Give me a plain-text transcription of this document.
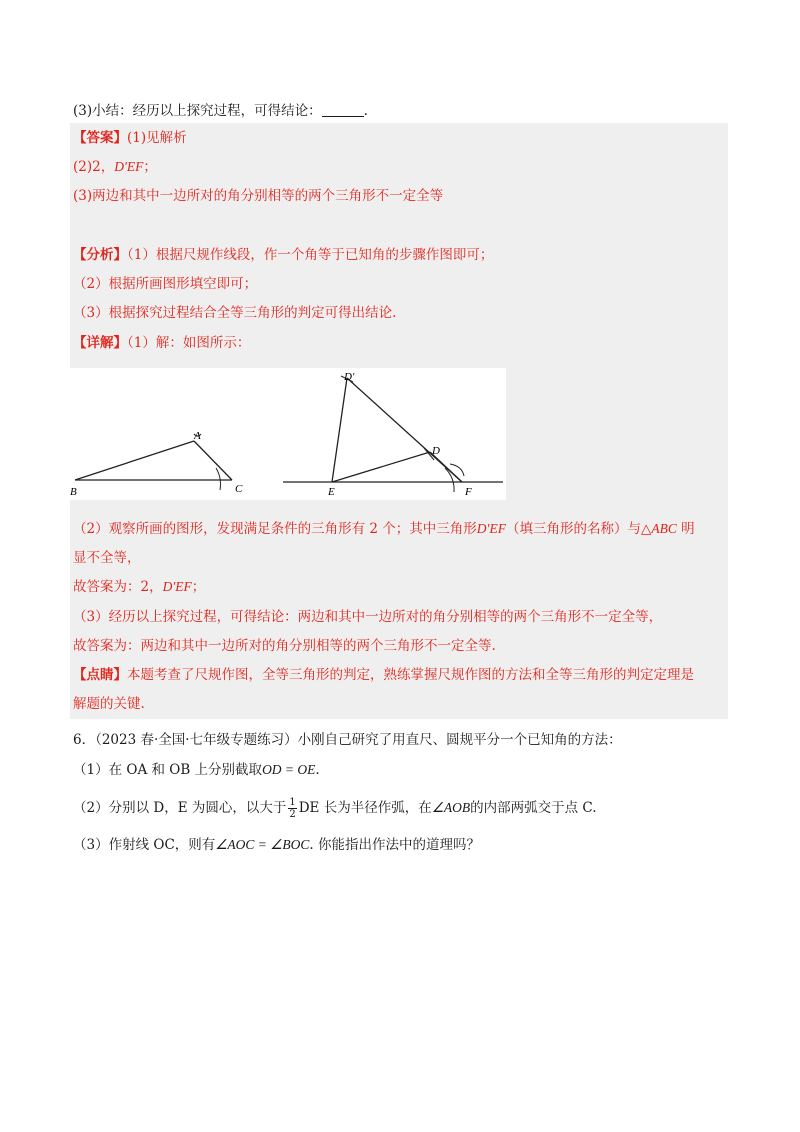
(3)小结：经历以上探究过程，可得结论：	.
【答案】(1)见解析
(2)2，D′EF；
(3)两边和其中一边所对的角分别相等的两个三角形不一定全等
【分析】（1）根据尺规作线段，作一个角等于已知角的步骤作图即可；
（2）根据所画图形填空即可；
（3）根据探究过程结合全等三角形的判定可得出结论.
【详解】（1）解：如图所示：
B
A
C	E
D′
D
F
（2）观察所画的图形，发现满足条件的三角形有 2 个；其中三角形D′EF（填三角形的名称）与△ABC 明
显不全等，
故答案为：2，D′EF；
（3）经历以上探究过程，可得结论：两边和其中一边所对的角分别相等的两个三角形不一定全等，
故答案为：两边和其中一边所对的角分别相等的两个三角形不一定全等.
【点睛】本题考查了尺规作图，全等三角形的判定，熟练掌握尺规作图的方法和全等三角形的判定定理是
解题的关键.
6．（2023 春·全国·七年级专题练习）小刚自己研究了用直尺、圆规平分一个已知角的方法：
（1）在 OA 和 OB 上分别截取OD = OE.
（2）分别以 D，E 为圆心，以大于 $\frac{1}{2}$ DE 长为半径作弧，在∠AOB的内部两弧交于点 C.
（3）作射线 OC，则有∠AOC = ∠BOC. 你能指出作法中的道理吗？
